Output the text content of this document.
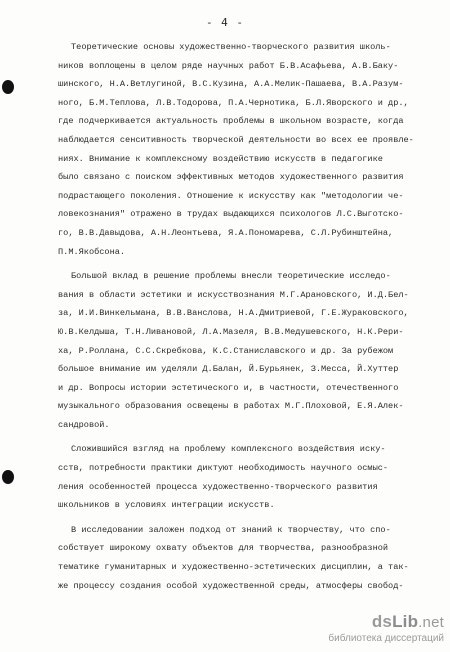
- 4 -
Теоретические основы художественно-творческого развития школь-
ников воплощены в целом ряде научных работ Б.В.Асафьева, А.В.Баку-
шинского, Н.А.Ветлугиной, В.С.Кузина, А.А.Мелик-Пашаева, В.А.Разум-
ного, Б.М.Теплова, Л.В.Тодорова, П.А.Чернотика, Б.Л.Яворского и др.,
где подчеркивается актуальность проблемы в школьном возрасте, когда
наблюдается сенситивность творческой деятельности во всех ее проявле-
ниях. Внимание к комплексному воздействию искусств в педагогике
было связано с поиском эффективных методов художественного развития
подрастающего поколения. Отношение к искусству как "методологии че-
ловекознания" отражено в трудах выдающихся психологов Л.С.Выготско-
го, В.В.Давыдова, А.Н.Леонтьева, Я.А.Пономарева, С.Л.Рубинштейна,
П.М.Якобсона.
Большой вклад в решение проблемы внесли теоретические исследо-
вания в области эстетики и искусствознания М.Г.Арановского, И.Д.Бел-
за, И.И.Винкельмана, В.В.Ванслова, Н.А.Дмитриевой, Г.Е.Жураковского,
Ю.В.Келдыша, Т.Н.Ливановой, Л.А.Мазеля, В.В.Медушевского, Н.К.Рери-
ха, Р.Роллана, С.С.Скребкова, К.С.Станиславского и др. За рубежом
большое внимание им уделяли Д.Балан, Й.Бурьянек, З.Месса, Й.Хуттер
и др. Вопросы истории эстетического и, в частности, отечественного
музыкального образования освещены в работах М.Г.Плоховой, Е.Я.Алек-
сандровой.
Сложившийся взгляд на проблему комплексного воздействия иску-
сств, потребности практики диктуют необходимость научного осмыс-
ления особенностей процесса художественно-творческого развития
школьников в условиях интеграции искусств.
В исследовании заложен подход от знаний к творчеству, что спо-
собствует широкому охвату объектов для творчества, разнообразной
тематике гуманитарных и художественно-эстетических дисциплин, а так-
же процессу создания особой художественной среды, атмосферы свобод-
dsLib.net
библиотека диссертаций
